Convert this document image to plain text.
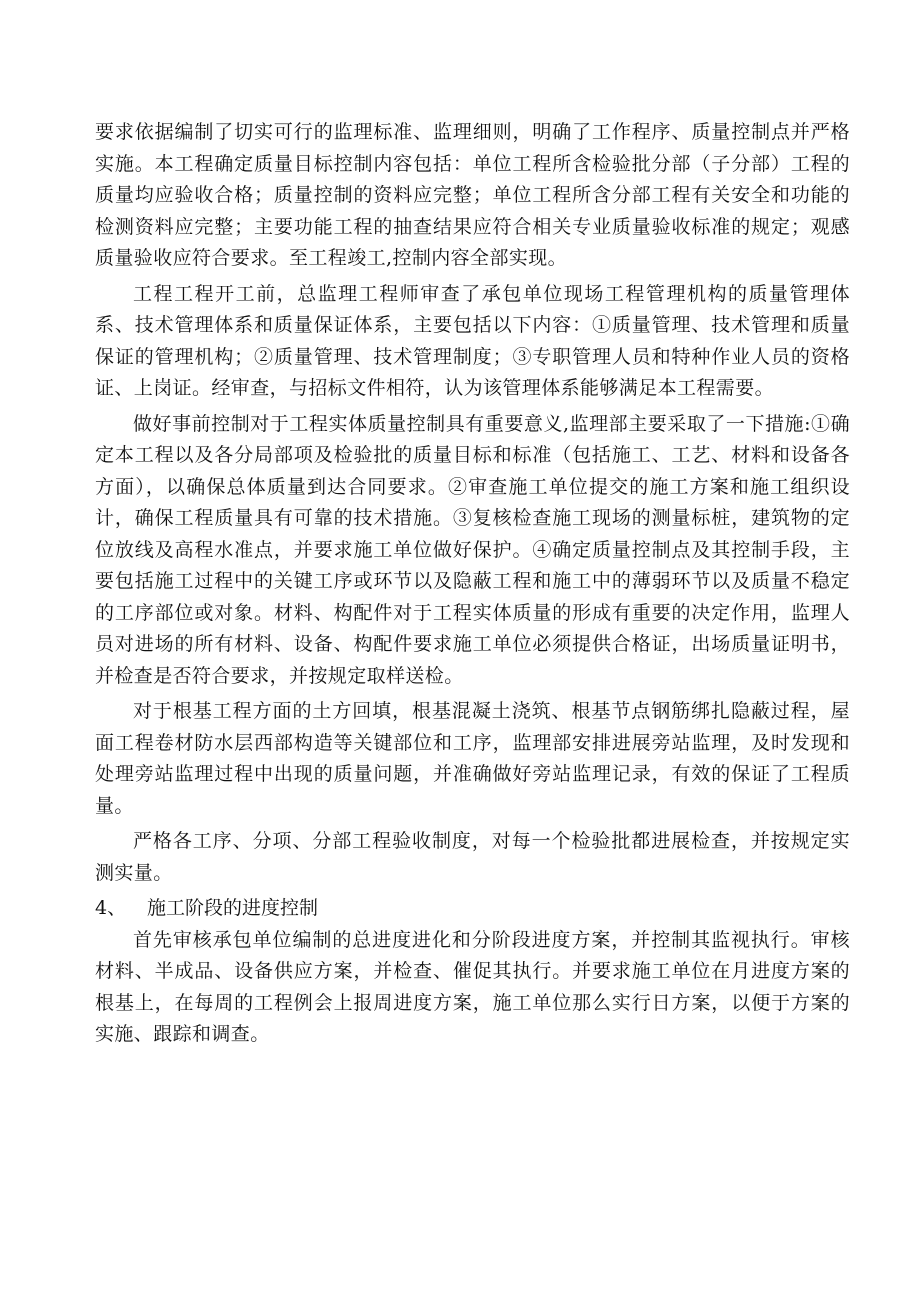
要求依据编制了切实可行的监理标准、监理细则，明确了工作程序、质量控制点并严格实施。本工程确定质量目标控制内容包括：单位工程所含检验批分部（子分部）工程的质量均应验收合格；质量控制的资料应完整；单位工程所含分部工程有关安全和功能的检测资料应完整；主要功能工程的抽查结果应符合相关专业质量验收标准的规定；观感质量验收应符合要求。至工程竣工,控制内容全部实现。

工程工程开工前，总监理工程师审查了承包单位现场工程管理机构的质量管理体系、技术管理体系和质量保证体系，主要包括以下内容：①质量管理、技术管理和质量保证的管理机构；②质量管理、技术管理制度；③专职管理人员和特种作业人员的资格证、上岗证。经审查，与招标文件相符，认为该管理体系能够满足本工程需要。

做好事前控制对于工程实体质量控制具有重要意义,监理部主要采取了一下措施:①确定本工程以及各分局部项及检验批的质量目标和标准（包括施工、工艺、材料和设备各方面），以确保总体质量到达合同要求。②审查施工单位提交的施工方案和施工组织设计，确保工程质量具有可靠的技术措施。③复核检查施工现场的测量标桩，建筑物的定位放线及高程水准点，并要求施工单位做好保护。④确定质量控制点及其控制手段，主要包括施工过程中的关键工序或环节以及隐蔽工程和施工中的薄弱环节以及质量不稳定的工序部位或对象。材料、构配件对于工程实体质量的形成有重要的决定作用，监理人员对进场的所有材料、设备、构配件要求施工单位必须提供合格证，出场质量证明书，并检查是否符合要求，并按规定取样送检。

对于根基工程方面的土方回填，根基混凝土浇筑、根基节点钢筋绑扎隐蔽过程，屋面工程卷材防水层西部构造等关键部位和工序，监理部安排进展旁站监理，及时发现和处理旁站监理过程中出现的质量问题，并准确做好旁站监理记录，有效的保证了工程质量。

严格各工序、分项、分部工程验收制度，对每一个检验批都进展检查，并按规定实测实量。

4、	施工阶段的进度控制

首先审核承包单位编制的总进度进化和分阶段进度方案，并控制其监视执行。审核材料、半成品、设备供应方案，并检查、催促其执行。并要求施工单位在月进度方案的根基上，在每周的工程例会上报周进度方案，施工单位那么实行日方案，以便于方案的实施、跟踪和调查。
